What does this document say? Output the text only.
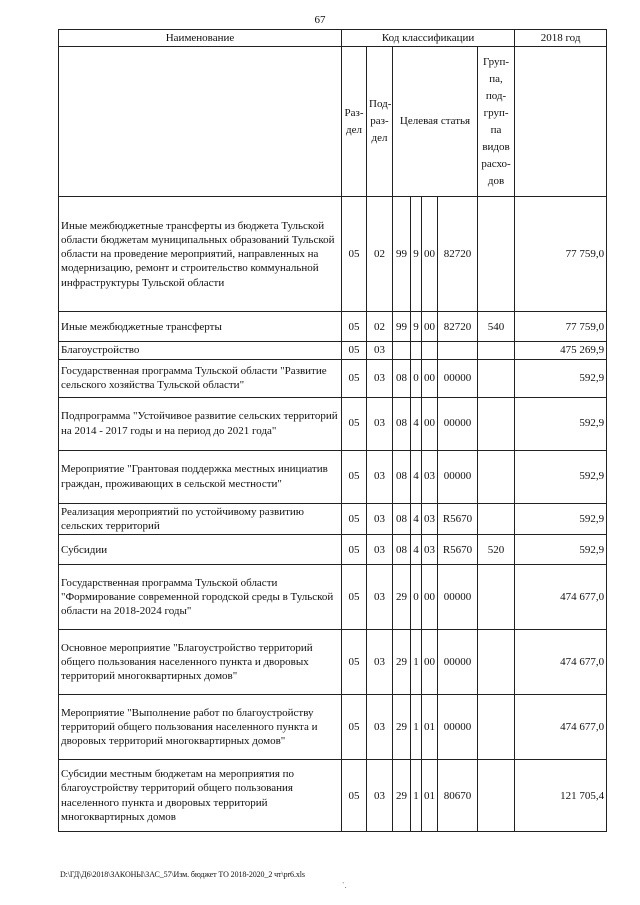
67
Наименование	Код классификации							2018 год
	Раз-дел	Под-раз-дел	Целевая статья				Груп-па, под-груп-па видов расхо-дов	
Иные межбюджетные трансферты из бюджета Тульской области бюджетам муниципальных образований Тульской области на проведение мероприятий, направленных на модернизацию, ремонт и строительство коммунальной инфраструктуры Тульской области	05	02	99	9	00	82720		77 759,0
Иные межбюджетные трансферты	05	02	99	9	00	82720	540	77 759,0
Благоустройство	05	03						475 269,9
Государственная программа Тульской области "Развитие сельского хозяйства Тульской области"	05	03	08	0	00	00000		592,9
Подпрограмма "Устойчивое развитие сельских территорий на 2014 - 2017 годы и на период до 2021 года"	05	03	08	4	00	00000		592,9
Мероприятие "Грантовая поддержка местных инициатив граждан, проживающих в сельской местности"	05	03	08	4	03	00000		592,9
Реализация мероприятий по устойчивому развитию сельских территорий	05	03	08	4	03	R5670		592,9
Субсидии	05	03	08	4	03	R5670	520	592,9
Государственная программа Тульской области "Формирование современной городской среды в Тульской области на 2018-2024 годы"	05	03	29	0	00	00000		474 677,0
Основное мероприятие "Благоустройство территорий общего пользования населенного пункта и дворовых территорий многоквартирных домов"	05	03	29	1	00	00000		474 677,0
Мероприятие "Выполнение работ по благоустройству территорий общего пользования населенного пункта и дворовых территорий многоквартирных домов"	05	03	29	1	01	00000		474 677,0
Субсидии местным бюджетам на мероприятия по благоустройству территорий общего пользования населенного пункта и дворовых территорий многоквартирных домов	05	03	29	1	01	80670		121 705,4
D:\ГД\Д6\2018\ЗАКОНЫ\ЗАС_57\Изм. бюджет ТО 2018-2020_2 чт\pr6.xls
`.
